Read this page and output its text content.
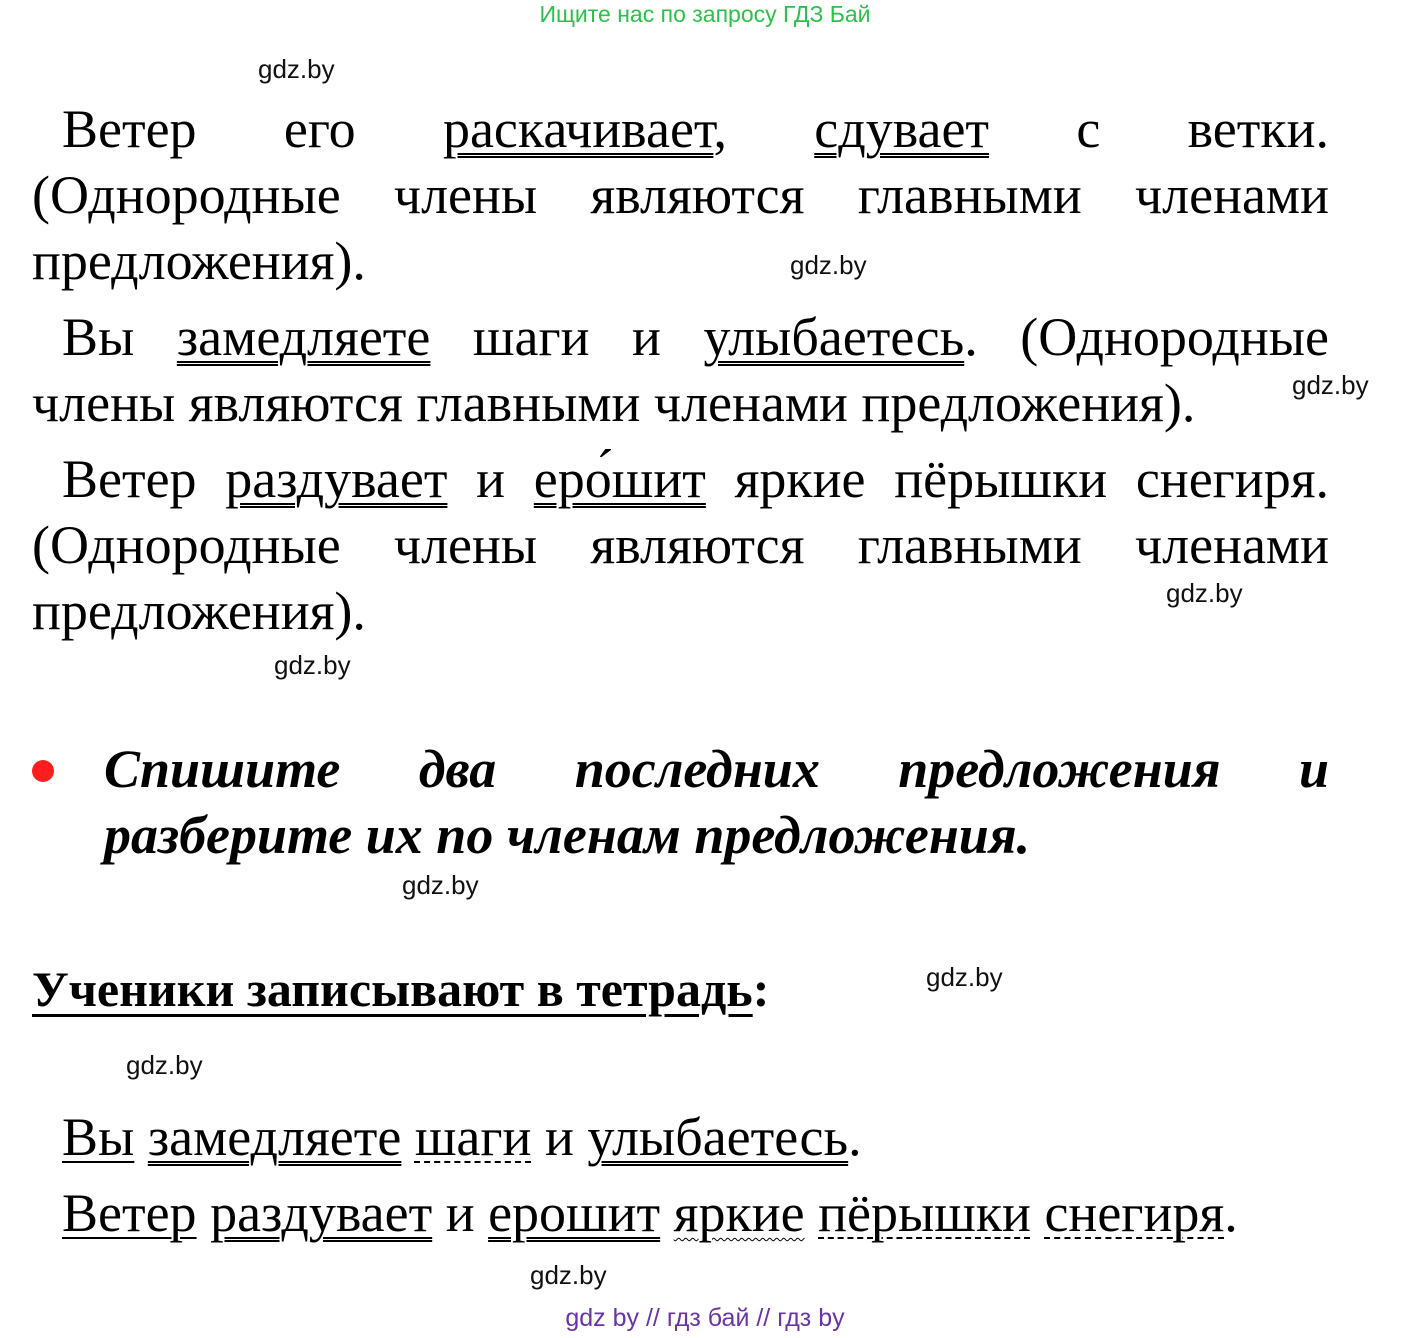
Ищите нас по запросу ГДЗ Бай
gdz.by
gdz.by
gdz.by
gdz.by
gdz.by
gdz.by
gdz.by
gdz.by
gdz.by
Ветер его раскачивает, сдувает с ветки.
(Однородные члены являются главными членами
предложения).
Вы замедляете шаги и улыбаетесь. (Однородные
члены являются главными членами предложения).
Ветер раздувает и еро́шит яркие пёрышки снегиря.
(Однородные члены являются главными членами
предложения).
Спишите два последних предложения и
разберите их по членам предложения.
Ученики записывают в тетрадь:
Вы замедляете шаги и улыбаетесь.
Ветер раздувает и ерошит яркие пёрышки снегиря.
gdz by // гдз бай // гдз by
